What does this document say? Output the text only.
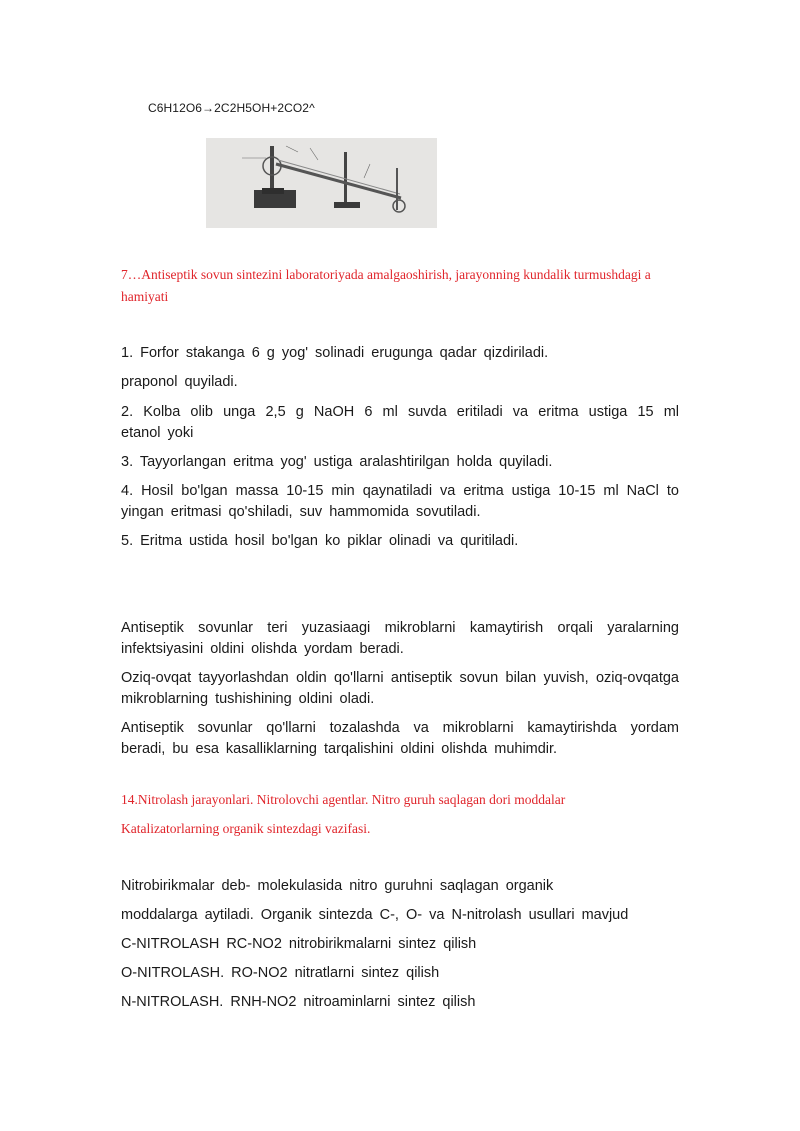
C6H12O6→2C2H5OH+2CO2^
7…Antiseptik sovun sintezini laboratoriyada amalgaoshirish, jarayonning kundalik turmushdagi a hamiyati
1. Forfor stakanga 6 g yog' solinadi erugunga qadar qizdiriladi.
praponol quyiladi.
2. Kolba olib unga 2,5 g NaOH 6 ml suvda eritiladi va eritma ustiga 15 ml etanol yoki
3. Tayyorlangan eritma yog' ustiga aralashtirilgan holda quyiladi.
4. Hosil bo'lgan massa 10-15 min qaynatiladi va eritma ustiga 10-15 ml NaCl to yingan eritmasi qo'shiladi, suv hammomida sovutiladi.
5. Eritma ustida hosil bo'lgan ko piklar olinadi va quritiladi.
Antiseptik sovunlar teri yuzasiaagi mikroblarni kamaytirish orqali yaralarning infektsiyasini oldini olishda yordam beradi.
Oziq-ovqat tayyorlashdan oldin qo'llarni antiseptik sovun bilan yuvish, oziq-ovqatga mikroblarning tushishining oldini oladi.
Antiseptik sovunlar qo'llarni tozalashda va mikroblarni kamaytirishda yordam beradi, bu esa kasalliklarning tarqalishini oldini olishda muhimdir.
14.Nitrolash jarayonlari. Nitrolovchi agentlar. Nitro guruh saqlagan dori moddalar
Katalizatorlarning organik sintezdagi vazifasi.
Nitrobirikmalar deb- molekulasida nitro guruhni saqlagan organik
moddalarga aytiladi. Organik sintezda C-, O- va N-nitrolash usullari mavjud
C-NITROLASH RC-NO2 nitrobirikmalarni sintez qilish
O-NITROLASH. RO-NO2 nitratlarni sintez qilish
N-NITROLASH. RNH-NO2 nitroaminlarni sintez qilish
